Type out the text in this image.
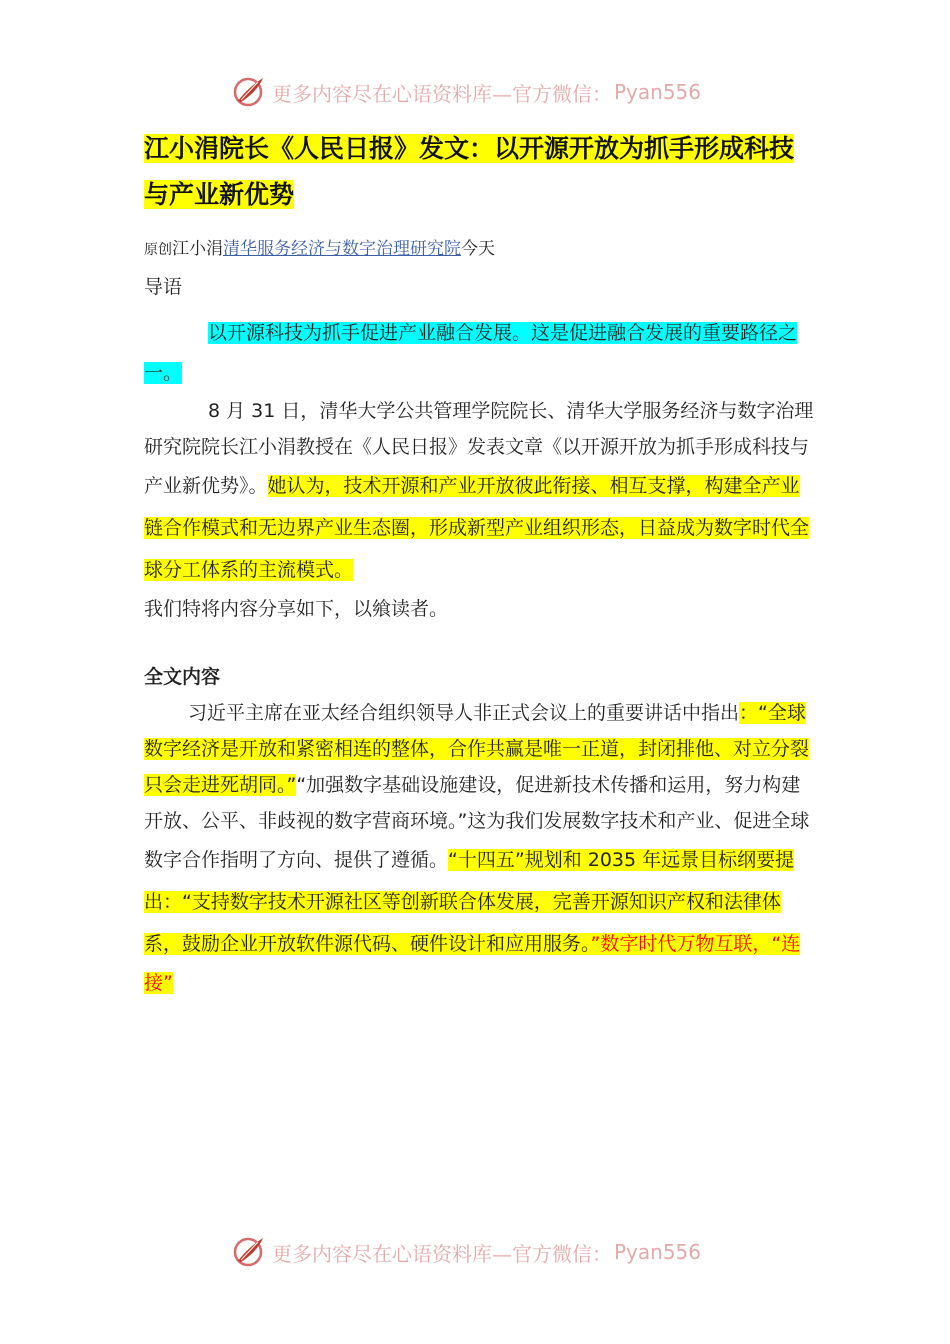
更多内容尽在心语资料库—官方微信： Pyan556
江小涓院长《人民日报》发文：以开源开放为抓手形成科技与产业新优势
原创江小涓清华服务经济与数字治理研究院今天

导语

以开源科技为抓手促进产业融合发展。这是促进融合发展的重要路径之一。

8 月 31 日，清华大学公共管理学院院长、清华大学服务经济与数字治理研究院院长江小涓教授在《人民日报》发表文章《以开源开放为抓手形成科技与产业新优势》。她认为，技术开源和产业开放彼此衔接、相互支撑，构建全产业链合作模式和无边界产业生态圈，形成新型产业组织形态，日益成为数字时代全球分工体系的主流模式。
我们特将内容分享如下，以飨读者。

全文内容

习近平主席在亚太经合组织领导人非正式会议上的重要讲话中指出：“全球数字经济是开放和紧密相连的整体，合作共赢是唯一正道，封闭排他、对立分裂只会走进死胡同。”“加强数字基础设施建设，促进新技术传播和运用，努力构建开放、公平、非歧视的数字营商环境。”这为我们发展数字技术和产业、促进全球数字合作指明了方向、提供了遵循。“十四五”规划和 2035 年远景目标纲要提出：“支持数字技术开源社区等创新联合体发展，完善开源知识产权和法律体系，鼓励企业开放软件源代码、硬件设计和应用服务。”数字时代万物互联，“连接”

更多内容尽在心语资料库—官方微信： Pyan556
